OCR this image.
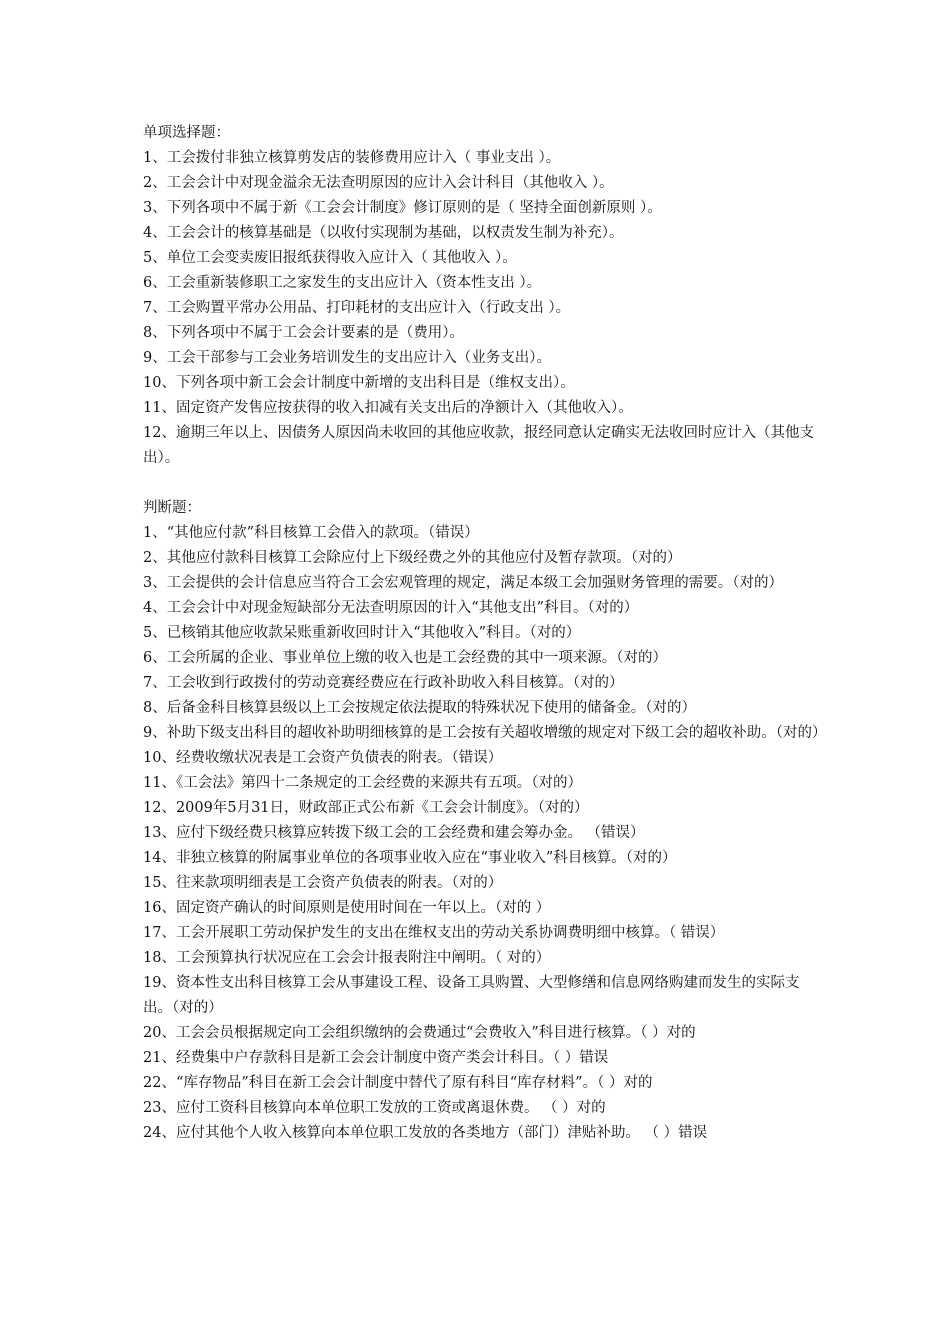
单项选择题：

1、工会拨付非独立核算剪发店的装修费用应计入（ 事业支出 ）。

2、工会会计中对现金溢余无法查明原因的应计入会计科目（其他收入 ）。

3、下列各项中不属于新《工会会计制度》修订原则的是（ 坚持全面创新原则 ）。

4、工会会计的核算基础是（以收付实现制为基础，以权责发生制为补充）。

5、单位工会变卖废旧报纸获得收入应计入（ 其他收入 ）。

6、工会重新装修职工之家发生的支出应计入（资本性支出 ）。

7、工会购置平常办公用品、打印耗材的支出应计入（行政支出 ）。

8、下列各项中不属于工会会计要素的是（费用）。

9、工会干部参与工会业务培训发生的支出应计入（业务支出）。

10、下列各项中新工会会计制度中新增的支出科目是（维权支出）。

11、固定资产发售应按获得的收入扣减有关支出后的净额计入（其他收入）。

12、逾期三年以上、因债务人原因尚未收回的其他应收款，报经同意认定确实无法收回时应计入（其他支出）。

判断题：

1、“其他应付款”科目核算工会借入的款项。（错误）

2、其他应付款科目核算工会除应付上下级经费之外的其他应付及暂存款项。（对的）

3、工会提供的会计信息应当符合工会宏观管理的规定，满足本级工会加强财务管理的需要。（对的）

4、工会会计中对现金短缺部分无法查明原因的计入“其他支出”科目。（对的）

5、已核销其他应收款呆账重新收回时计入“其他收入”科目。（对的）

6、工会所属的企业、事业单位上缴的收入也是工会经费的其中一项来源。（对的）

7、工会收到行政拨付的劳动竞赛经费应在行政补助收入科目核算。（对的）

8、后备金科目核算县级以上工会按规定依法提取的特殊状况下使用的储备金。（对的）

9、补助下级支出科目的超收补助明细核算的是工会按有关超收增缴的规定对下级工会的超收补助。（对的）

10、经费收缴状况表是工会资产负债表的附表。（错误）

11、《工会法》第四十二条规定的工会经费的来源共有五项。（对的）

12、2009年5月31日，财政部正式公布新《工会会计制度》。（对的）

13、应付下级经费只核算应转拨下级工会的工会经费和建会筹办金。 （错误）

14、非独立核算的附属事业单位的各项事业收入应在“事业收入”科目核算。（对的）

15、往来款项明细表是工会资产负债表的附表。（对的）

16、固定资产确认的时间原则是使用时间在一年以上。（对的 ）

17、工会开展职工劳动保护发生的支出在维权支出的劳动关系协调费明细中核算。（ 错误）

18、工会预算执行状况应在工会会计报表附注中阐明。（ 对的）

19、资本性支出科目核算工会从事建设工程、设备工具购置、大型修缮和信息网络购建而发生的实际支出。（对的）

20、工会会员根据规定向工会组织缴纳的会费通过“会费收入”科目进行核算。（ ）对的

21、经费集中户存款科目是新工会会计制度中资产类会计科目。（ ）错误

22、“库存物品”科目在新工会会计制度中替代了原有科目“库存材料”。（ ）对的

23、应付工资科目核算向本单位职工发放的工资或离退休费。 （ ）对的

24、应付其他个人收入核算向本单位职工发放的各类地方（部门）津贴补助。 （ ）错误
